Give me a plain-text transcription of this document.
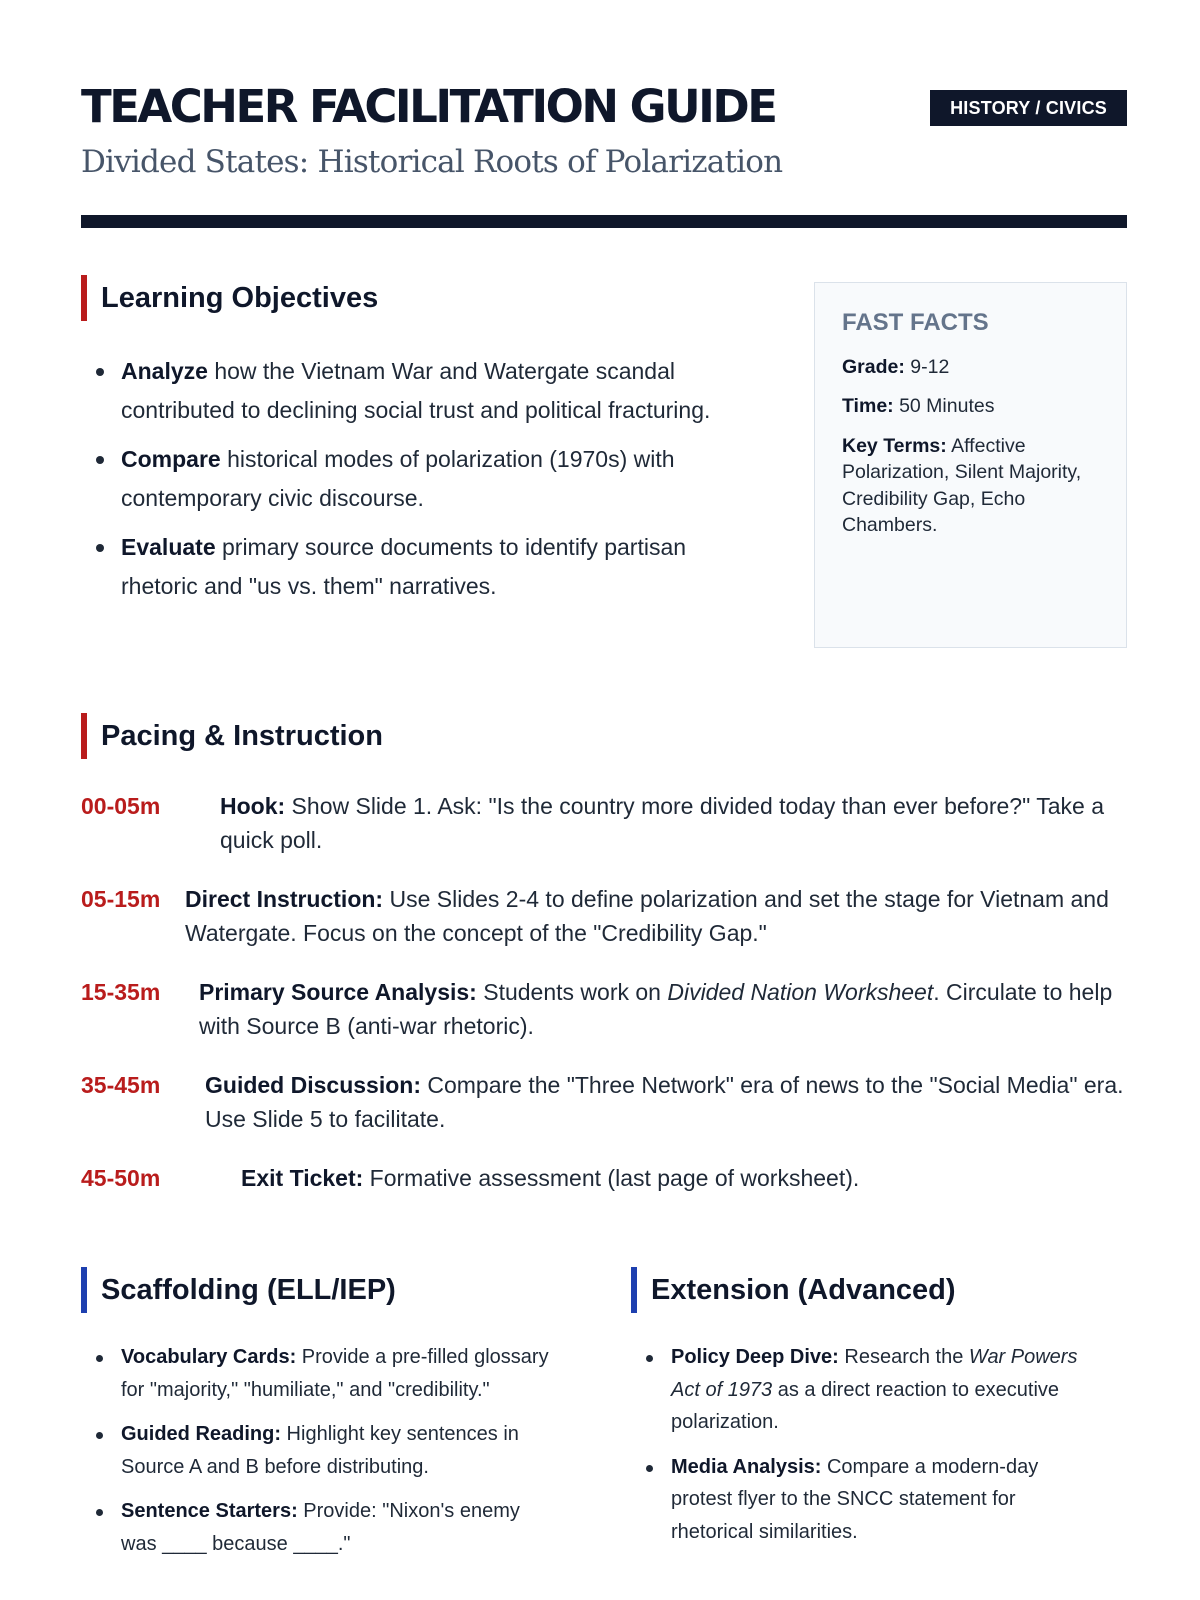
TEACHER FACILITATION GUIDE	HISTORY / CIVICS
Divided States: Historical Roots of Polarization
Learning Objectives
Analyze how the Vietnam War and Watergate scandal contributed to declining social trust and political fracturing.
Compare historical modes of polarization (1970s) with contemporary civic discourse.
Evaluate primary source documents to identify partisan rhetoric and "us vs. them" narratives.
FAST FACTS
Grade: 9-12
Time: 50 Minutes
Key Terms: Affective Polarization, Silent Majority, Credibility Gap, Echo Chambers.
Pacing & Instruction
00-05m	Hook: Show Slide 1. Ask: "Is the country more divided today than ever before?" Take a quick poll.
05-15m	Direct Instruction: Use Slides 2-4 to define polarization and set the stage for Vietnam and Watergate. Focus on the concept of the "Credibility Gap."
15-35m	Primary Source Analysis: Students work on Divided Nation Worksheet. Circulate to help with Source B (anti-war rhetoric).
35-45m	Guided Discussion: Compare the "Three Network" era of news to the "Social Media" era. Use Slide 5 to facilitate.
45-50m	Exit Ticket: Formative assessment (last page of worksheet).
Scaffolding (ELL/IEP)
Vocabulary Cards: Provide a pre-filled glossary for "majority," "humiliate," and "credibility."
Guided Reading: Highlight key sentences in Source A and B before distributing.
Sentence Starters: Provide: "Nixon's enemy was ____ because ____."
Extension (Advanced)
Policy Deep Dive: Research the War Powers Act of 1973 as a direct reaction to executive polarization.
Media Analysis: Compare a modern-day protest flyer to the SNCC statement for rhetorical similarities.
